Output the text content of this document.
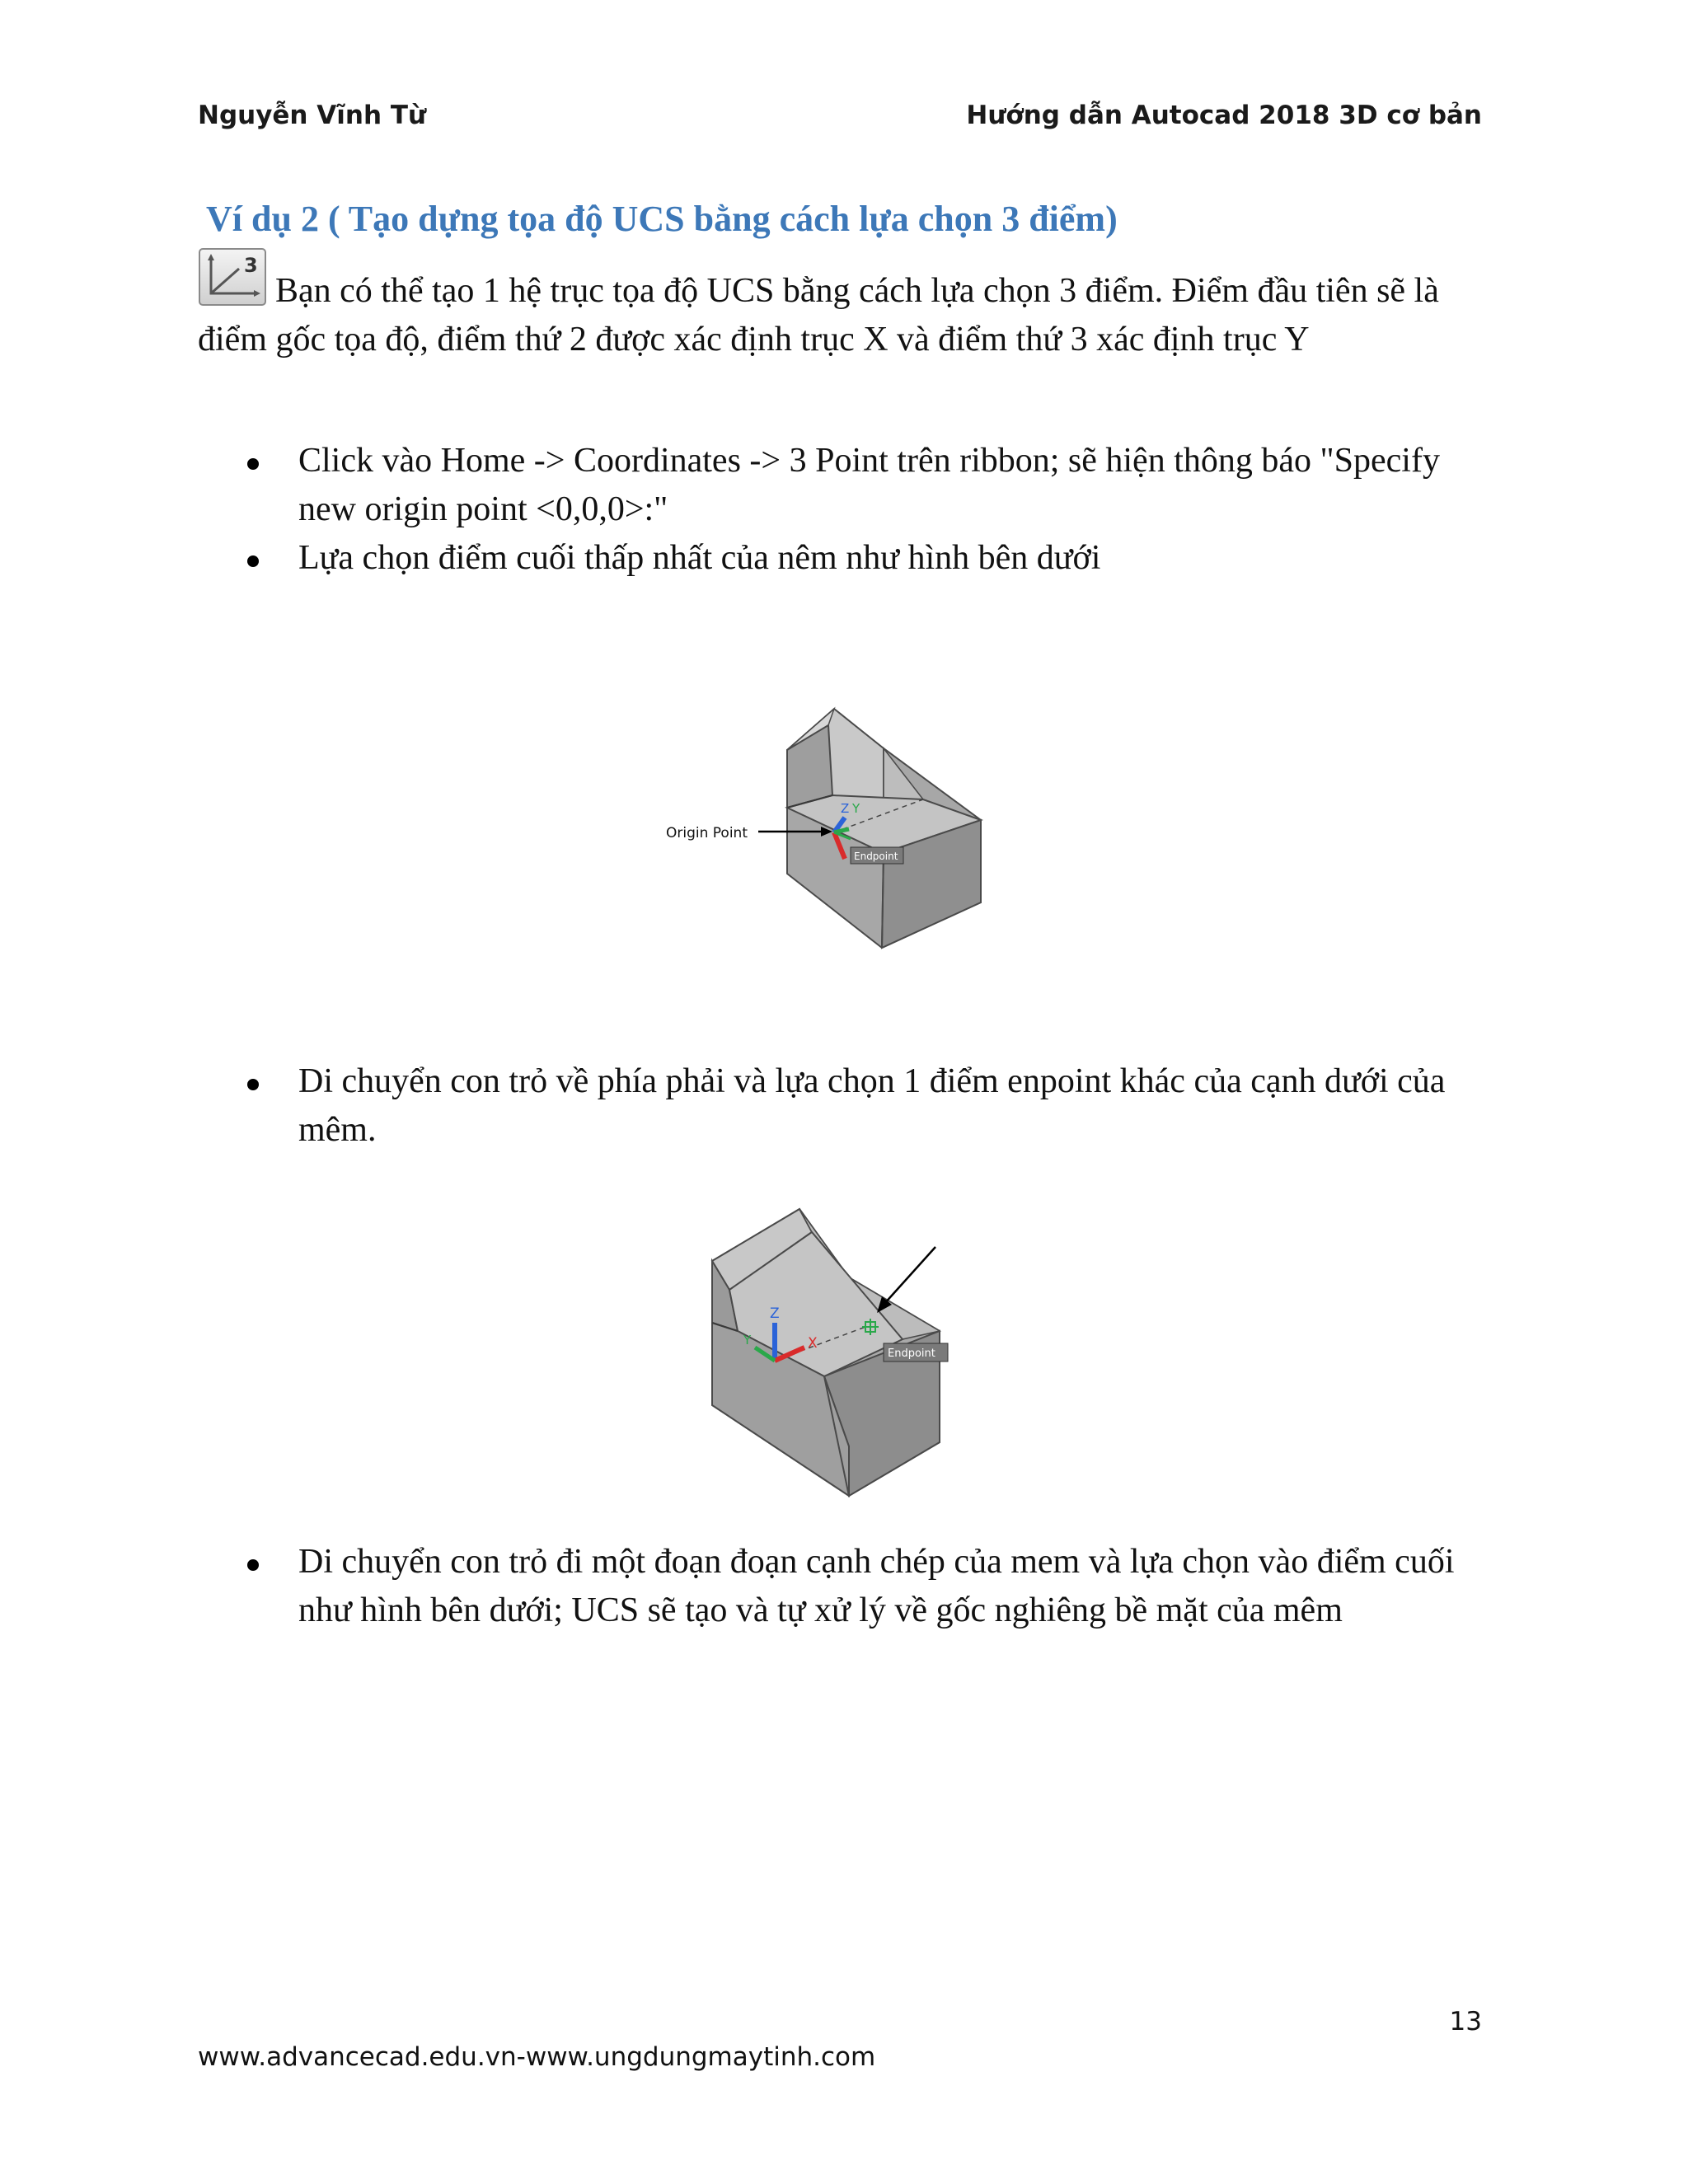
Nguyễn Vĩnh Từ	Hướng dẫn Autocad 2018 3D cơ bản
Ví dụ 2 ( Tạo dựng tọa độ UCS bằng cách lựa chọn 3 điểm)
3
Bạn có thể tạo 1 hệ trục tọa độ UCS bằng cách lựa chọn 3 điểm. Điểm đầu tiên sẽ là điểm gốc tọa độ, điểm thứ 2 được xác định trục X và điểm thứ 3 xác định trục Y
Click vào Home -> Coordinates -> 3 Point trên ribbon; sẽ hiện thông báo "Specify new origin point <0,0,0>:"
Lựa chọn điểm cuối thấp nhất của nêm như hình bên dưới
Z Y
Origin Point
Endpoint
Di chuyển con trỏ về phía phải và lựa chọn 1 điểm enpoint khác của cạnh dưới của mêm.
Z
X
Y
Endpoint
Di chuyển con trỏ đi một đoạn đoạn cạnh chép của mem và lựa chọn vào điểm cuối như hình bên dưới; UCS sẽ tạo và tự xử lý về gốc nghiêng bề mặt của mêm
13
www.advancecad.edu.vn-www.ungdungmaytinh.com
